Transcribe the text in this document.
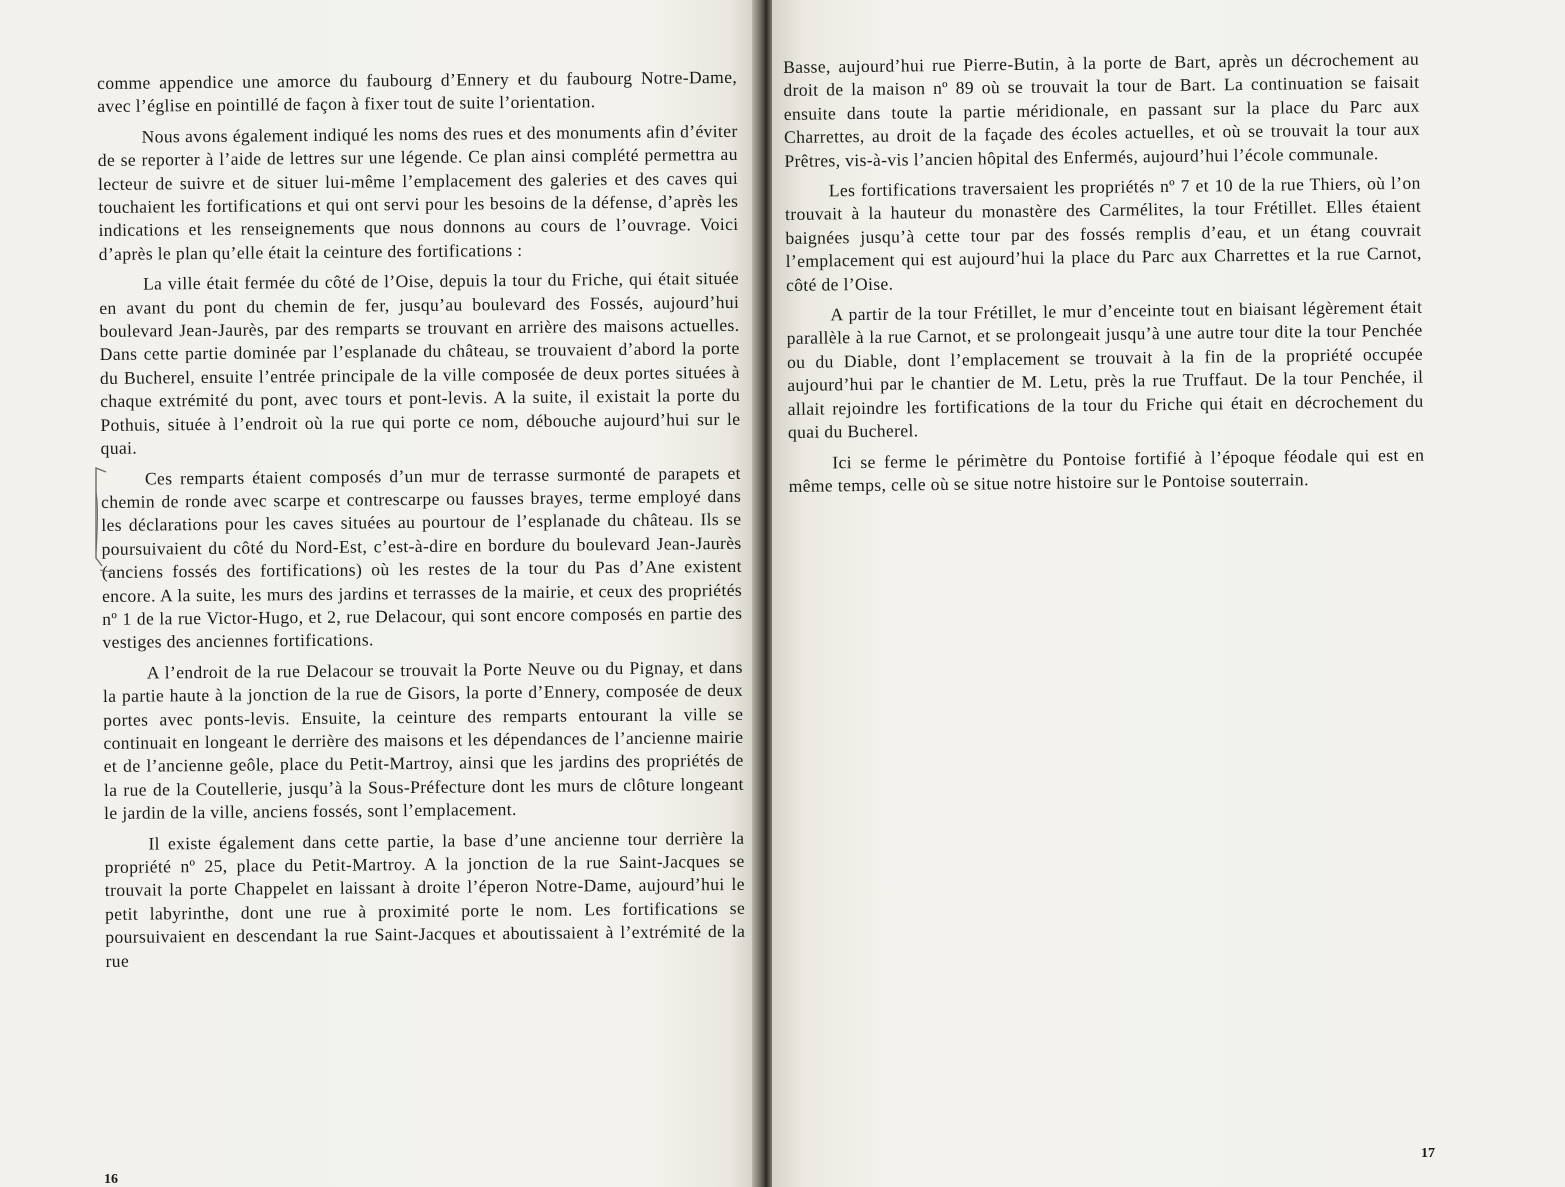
comme appendice une amorce du faubourg d’Ennery et du faubourg Notre-Dame, avec l’église en pointillé de façon à fixer tout de suite l’orientation.

Nous avons également indiqué les noms des rues et des monuments afin d’éviter de se reporter à l’aide de lettres sur une légende. Ce plan ainsi complété permettra au lecteur de suivre et de situer lui-même l’emplacement des galeries et des caves qui touchaient les fortifications et qui ont servi pour les besoins de la défense, d’après les indications et les renseignements que nous donnons au cours de l’ouvrage. Voici d’après le plan qu’elle était la ceinture des fortifications :

La ville était fermée du côté de l’Oise, depuis la tour du Friche, qui était située en avant du pont du chemin de fer, jusqu’au boulevard des Fossés, aujourd’hui boulevard Jean-Jaurès, par des remparts se trouvant en arrière des maisons actuelles. Dans cette partie dominée par l’esplanade du château, se trouvaient d’abord la porte du Bucherel, ensuite l’entrée principale de la ville composée de deux portes situées à chaque extrémité du pont, avec tours et pont-levis. A la suite, il existait la porte du Pothuis, située à l’endroit où la rue qui porte ce nom, débouche aujourd’hui sur le quai.

Ces remparts étaient composés d’un mur de terrasse surmonté de parapets et chemin de ronde avec scarpe et contrescarpe ou fausses brayes, terme employé dans les déclarations pour les caves situées au pourtour de l’esplanade du château. Ils se poursuivaient du côté du Nord-Est, c’est-à-dire en bordure du boulevard Jean-Jaurès (anciens fossés des fortifications) où les restes de la tour du Pas d’Ane existent encore. A la suite, les murs des jardins et terrasses de la mairie, et ceux des propriétés nº 1 de la rue Victor-Hugo, et 2, rue Delacour, qui sont encore composés en partie des vestiges des anciennes fortifications.

A l’endroit de la rue Delacour se trouvait la Porte Neuve ou du Pignay, et dans la partie haute à la jonction de la rue de Gisors, la porte d’Ennery, composée de deux portes avec ponts-levis. Ensuite, la ceinture des remparts entourant la ville se continuait en longeant le derrière des maisons et les dépendances de l’ancienne mairie et de l’ancienne geôle, place du Petit-Martroy, ainsi que les jardins des propriétés de la rue de la Coutellerie, jusqu’à la Sous-Préfecture dont les murs de clôture longeant le jardin de la ville, anciens fossés, sont l’emplacement.

Il existe également dans cette partie, la base d’une ancienne tour derrière la propriété nº 25, place du Petit-Martroy. A la jonction de la rue Saint-Jacques se trouvait la porte Chappelet en laissant à droite l’éperon Notre-Dame, aujourd’hui le petit labyrinthe, dont une rue à proximité porte le nom. Les fortifications se poursuivaient en descendant la rue Saint-Jacques et aboutissaient à l’extrémité de la rue

16
17

Basse, aujourd’hui rue Pierre-Butin, à la porte de Bart, après un décrochement au droit de la maison nº 89 où se trouvait la tour de Bart. La continuation se faisait ensuite dans toute la partie méridionale, en passant sur la place du Parc aux Charrettes, au droit de la façade des écoles actuelles, et où se trouvait la tour aux Prêtres, vis-à-vis l’ancien hôpital des Enfermés, aujourd’hui l’école communale.

Les fortifications traversaient les propriétés nº 7 et 10 de la rue Thiers, où l’on trouvait à la hauteur du monastère des Carmélites, la tour Frétillet. Elles étaient baignées jusqu’à cette tour par des fossés remplis d’eau, et un étang couvrait l’emplacement qui est aujourd’hui la place du Parc aux Charrettes et la rue Carnot, côté de l’Oise.

A partir de la tour Frétillet, le mur d’enceinte tout en biaisant légèrement était parallèle à la rue Carnot, et se prolongeait jusqu’à une autre tour dite la tour Penchée ou du Diable, dont l’emplacement se trouvait à la fin de la propriété occupée aujourd’hui par le chantier de M. Letu, près la rue Truffaut. De la tour Penchée, il allait rejoindre les fortifications de la tour du Friche qui était en décrochement du quai du Bucherel.

Ici se ferme le périmètre du Pontoise fortifié à l’époque féodale qui est en même temps, celle où se situe notre histoire sur le Pontoise souterrain.
